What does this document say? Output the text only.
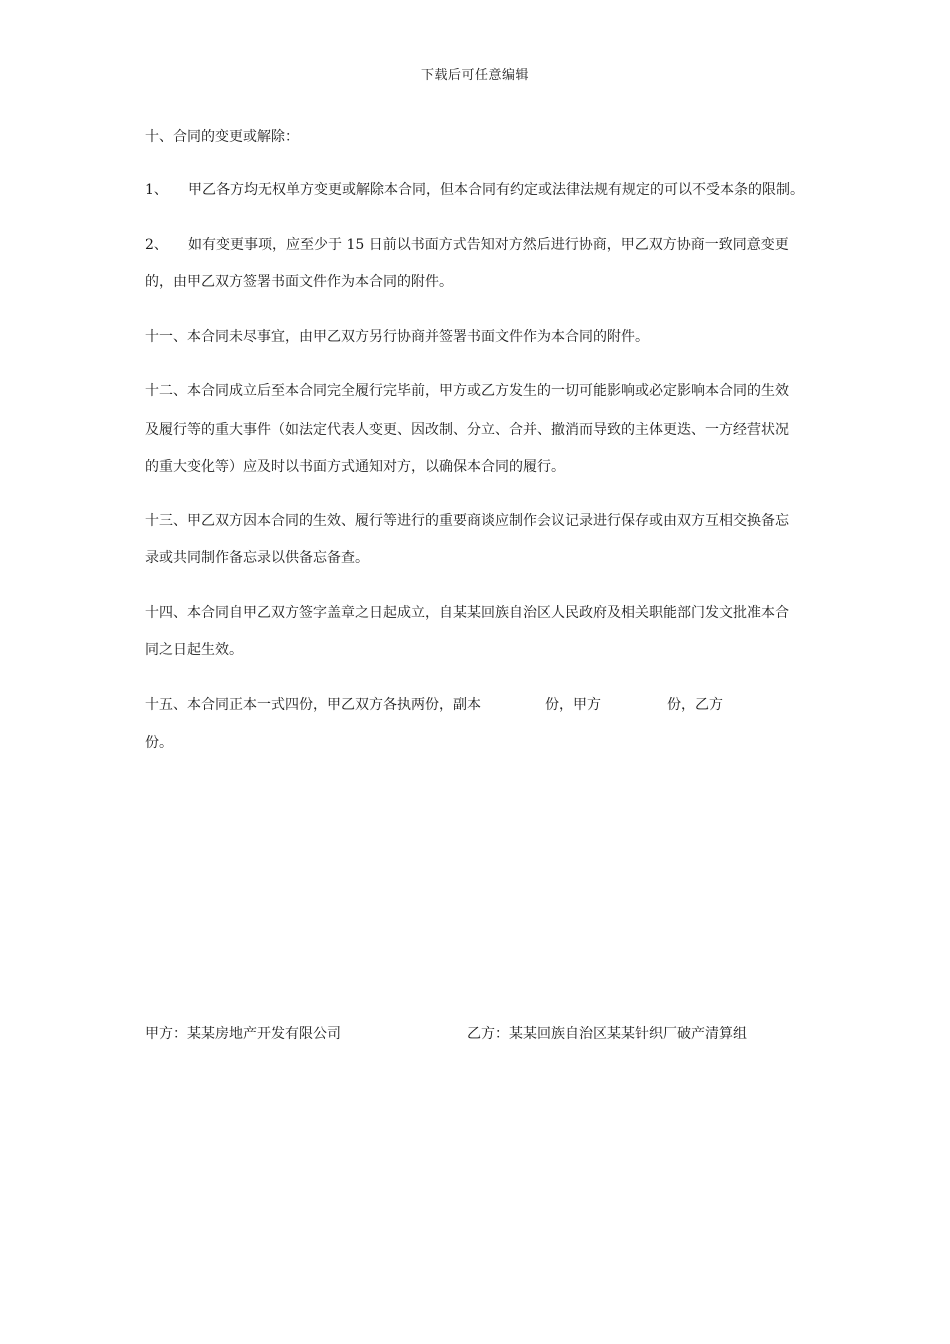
下载后可任意编辑
十、合同的变更或解除：
1、 甲乙各方均无权单方变更或解除本合同，但本合同有约定或法律法规有规定的可以不受本条的限制。
2、 如有变更事项，应至少于 15 日前以书面方式告知对方然后进行协商，甲乙双方协商一致同意变更
的，由甲乙双方签署书面文件作为本合同的附件。
十一、本合同未尽事宜，由甲乙双方另行协商并签署书面文件作为本合同的附件。
十二、本合同成立后至本合同完全履行完毕前，甲方或乙方发生的一切可能影响或必定影响本合同的生效
及履行等的重大事件（如法定代表人变更、因改制、分立、合并、撤消而导致的主体更迭、一方经营状况
的重大变化等）应及时以书面方式通知对方，以确保本合同的履行。
十三、甲乙双方因本合同的生效、履行等进行的重要商谈应制作会议记录进行保存或由双方互相交换备忘
录或共同制作备忘录以供备忘备查。
十四、本合同自甲乙双方签字盖章之日起成立，自某某回族自治区人民政府及相关职能部门发文批准本合
同之日起生效。
十五、本合同正本一式四份，甲乙双方各执两份，副本	份，甲方	份，乙方
份。
甲方：某某房地产开发有限公司	乙方：某某回族自治区某某针织厂破产清算组
